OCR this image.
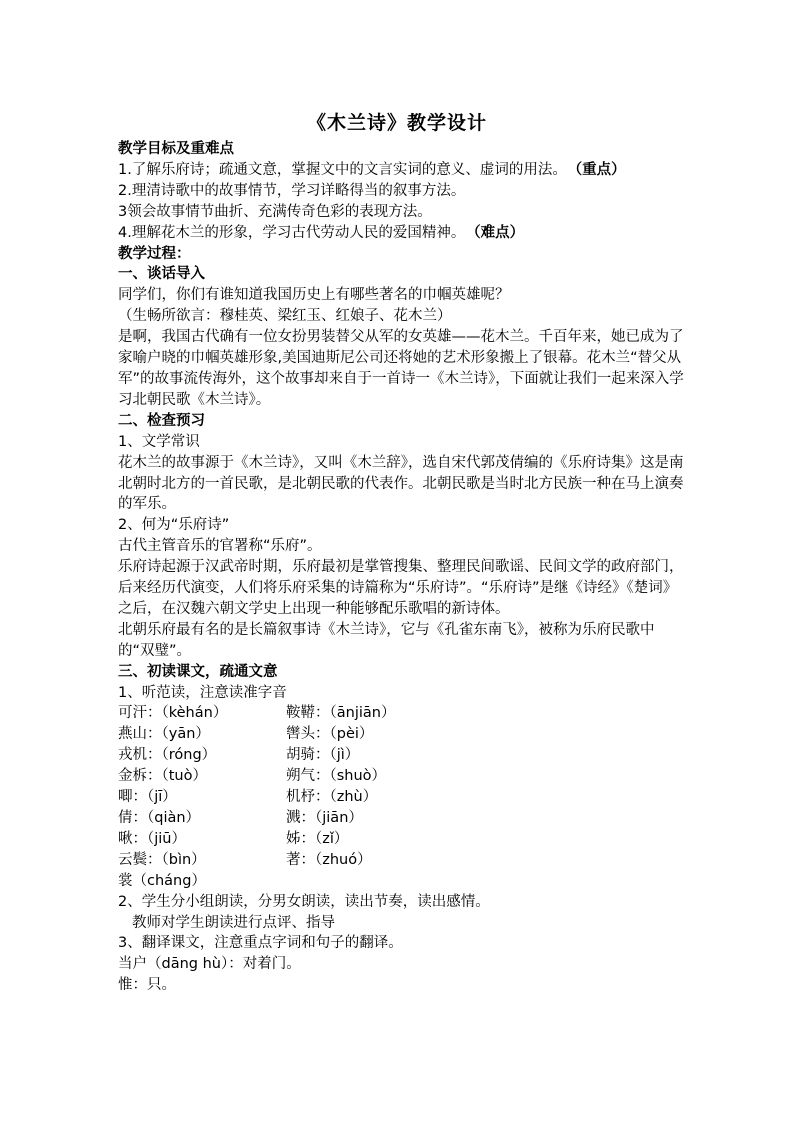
《木兰诗》教学设计
教学目标及重难点
1.了解乐府诗；疏通文意，掌握文中的文言实词的意义、虚词的用法。 （重点）
2.理清诗歌中的故事情节，学习详略得当的叙事方法。
3领会故事情节曲折、充满传奇色彩的表现方法。
4.理解花木兰的形象，学习古代劳动人民的爱国精神。 （难点）
教学过程：
一、谈话导入
同学们，你们有谁知道我国历史上有哪些著名的巾帼英雄呢？
（生畅所欲言：穆桂英、梁红玉、红娘子、花木兰）
是啊，我国古代确有一位女扮男装替父从军的女英雄——花木兰。千百年来，她已成为了家喻户晓的巾帼英雄形象,美国迪斯尼公司还将她的艺术形象搬上了银幕。花木兰“替父从军”的故事流传海外，这个故事却来自于一首诗一《木兰诗》，下面就让我们一起来深入学习北朝民歌《木兰诗》。
二、检查预习
1、文学常识
花木兰的故事源于《木兰诗》，又叫《木兰辞》，选自宋代郭茂倩编的《乐府诗集》这是南北朝时北方的一首民歌，是北朝民歌的代表作。北朝民歌是当时北方民族一种在马上演奏的军乐。
2、何为“乐府诗”
古代主管音乐的官署称“乐府”。
乐府诗起源于汉武帝时期，乐府最初是掌管搜集、整理民间歌谣、民间文学的政府部门，后来经历代演变，人们将乐府采集的诗篇称为“乐府诗”。“乐府诗”是继《诗经》《楚词》之后，在汉魏六朝文学史上出现一种能够配乐歌唱的新诗体。
北朝乐府最有名的是长篇叙事诗《木兰诗》，它与《孔雀东南飞》，被称为乐府民歌中的“双璧”。
三、初读课文，疏通文意
1、听范读，注意读准字音
可汗：（kèhán）	鞍鞯：（ānjiān）
燕山：（yān）	辔头：（pèi）
戎机：（róng）	胡骑：（jì）
金柝：（tuò）	朔气：（shuò）
唧：（jī）	机杼：（zhù）
倩：（qiàn）	溅：（jiān）
啾：（jiū）	姊：（zǐ）
云鬓：（bìn）	著：（zhuó）
裳（cháng）
2、学生分小组朗读，分男女朗读，读出节奏，读出感情。
教师对学生朗读进行点评、指导
3、翻译课文，注意重点字词和句子的翻译。
当户（dāng hù）：对着门。
惟：只。
